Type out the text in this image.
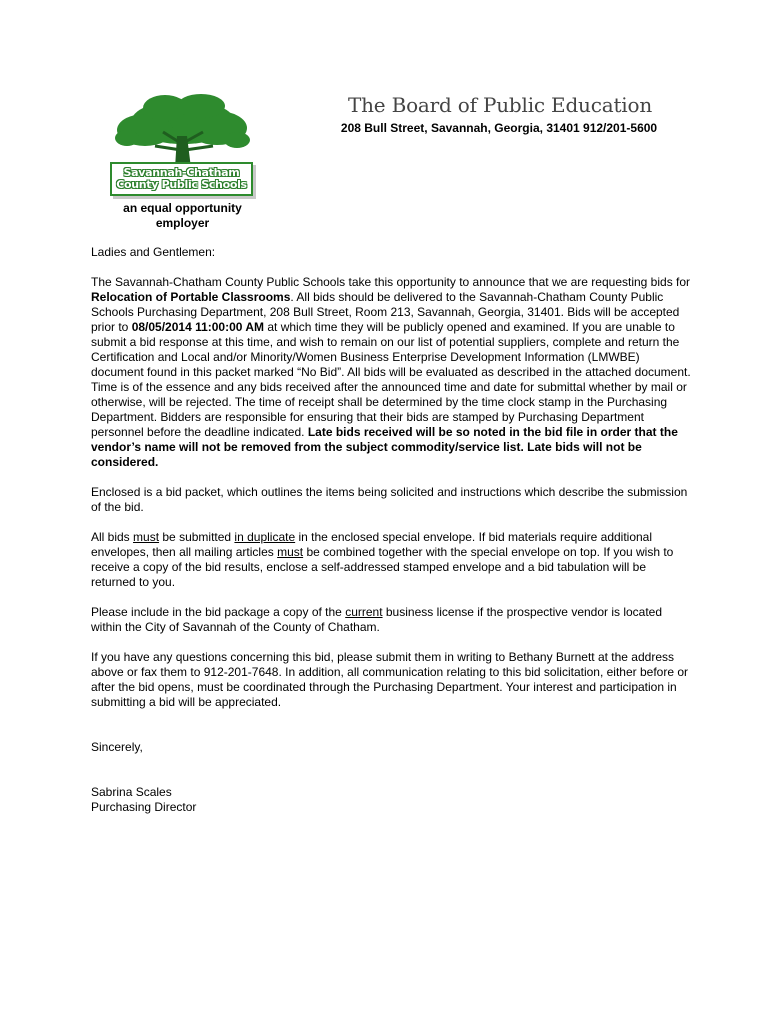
Savannah-Chatham
County Public Schools
an equal opportunity employer
The Board of Public Education
208 Bull Street, Savannah, Georgia, 31401 912/201-5600

Ladies and Gentlemen:

The Savannah-Chatham County Public Schools take this opportunity to announce that we are requesting bids for Relocation of Portable Classrooms. All bids should be delivered to the Savannah-Chatham County Public Schools Purchasing Department, 208 Bull Street, Room 213, Savannah, Georgia, 31401. Bids will be accepted prior to 08/05/2014 11:00:00 AM at which time they will be publicly opened and examined. If you are unable to submit a bid response at this time, and wish to remain on our list of potential suppliers, complete and return the Certification and Local and/or Minority/Women Business Enterprise Development Information (LMWBE) document found in this packet marked “No Bid”. All bids will be evaluated as described in the attached document. Time is of the essence and any bids received after the announced time and date for submittal whether by mail or otherwise, will be rejected. The time of receipt shall be determined by the time clock stamp in the Purchasing Department. Bidders are responsible for ensuring that their bids are stamped by Purchasing Department personnel before the deadline indicated. Late bids received will be so noted in the bid file in order that the vendor’s name will not be removed from the subject commodity/service list. Late bids will not be considered.

Enclosed is a bid packet, which outlines the items being solicited and instructions which describe the submission of the bid.

All bids must be submitted in duplicate in the enclosed special envelope. If bid materials require additional envelopes, then all mailing articles must be combined together with the special envelope on top. If you wish to receive a copy of the bid results, enclose a self-addressed stamped envelope and a bid tabulation will be returned to you.

Please include in the bid package a copy of the current business license if the prospective vendor is located within the City of Savannah of the County of Chatham.

If you have any questions concerning this bid, please submit them in writing to Bethany Burnett at the address above or fax them to 912-201-7648. In addition, all communication relating to this bid solicitation, either before or after the bid opens, must be coordinated through the Purchasing Department. Your interest and participation in submitting a bid will be appreciated.

Sincerely,

Sabrina Scales
Purchasing Director
